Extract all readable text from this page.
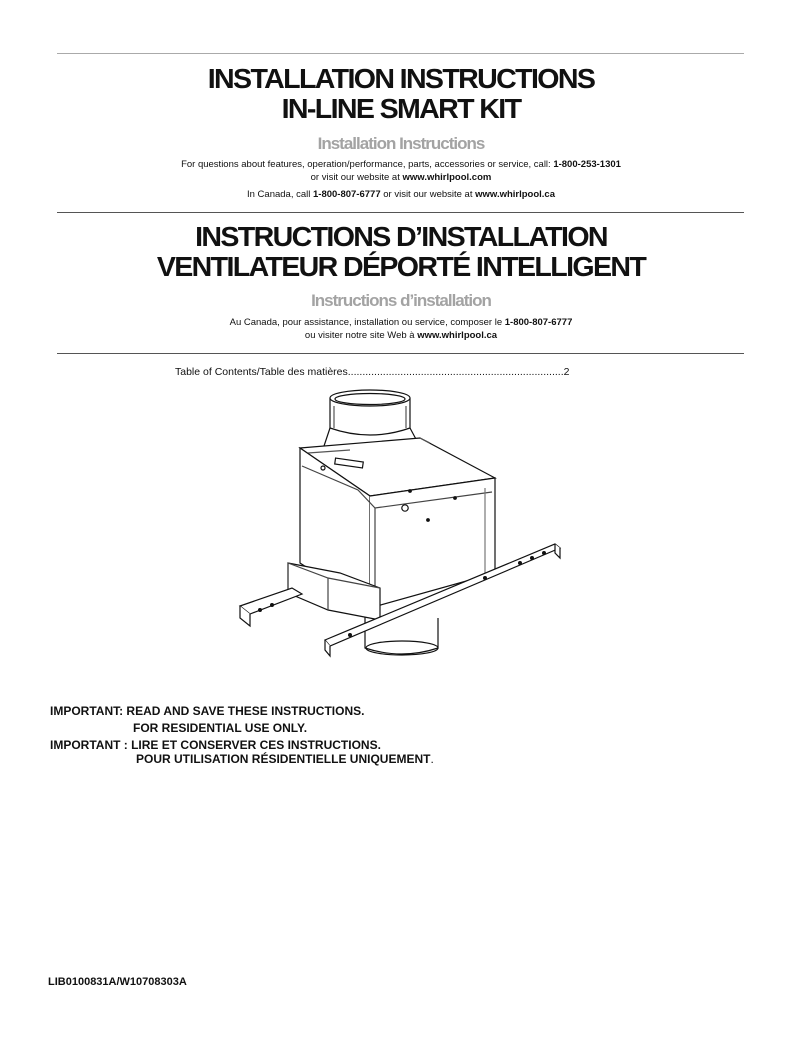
INSTALLATION INSTRUCTIONS
IN-LINE SMART KIT
Installation Instructions
For questions about features, operation/performance, parts, accessories or service, call: 1-800-253-1301
or visit our website at www.whirlpool.com
In Canada, call 1-800-807-6777 or visit our website at www.whirlpool.ca
INSTRUCTIONS D’INSTALLATION
VENTILATEUR DÉPORTÉ INTELLIGENT
Instructions d’installation
Au Canada, pour assistance, installation ou service, composer le 1-800-807-6777
ou visiter notre site Web à www.whirlpool.ca
Table of Contents/Table des matières..........................................................................2
IMPORTANT: READ AND SAVE THESE INSTRUCTIONS.
FOR RESIDENTIAL USE ONLY.
IMPORTANT : LIRE ET CONSERVER CES INSTRUCTIONS.
POUR UTILISATION RÉSIDENTIELLE UNIQUEMENT.
LIB0100831A/W10708303A
